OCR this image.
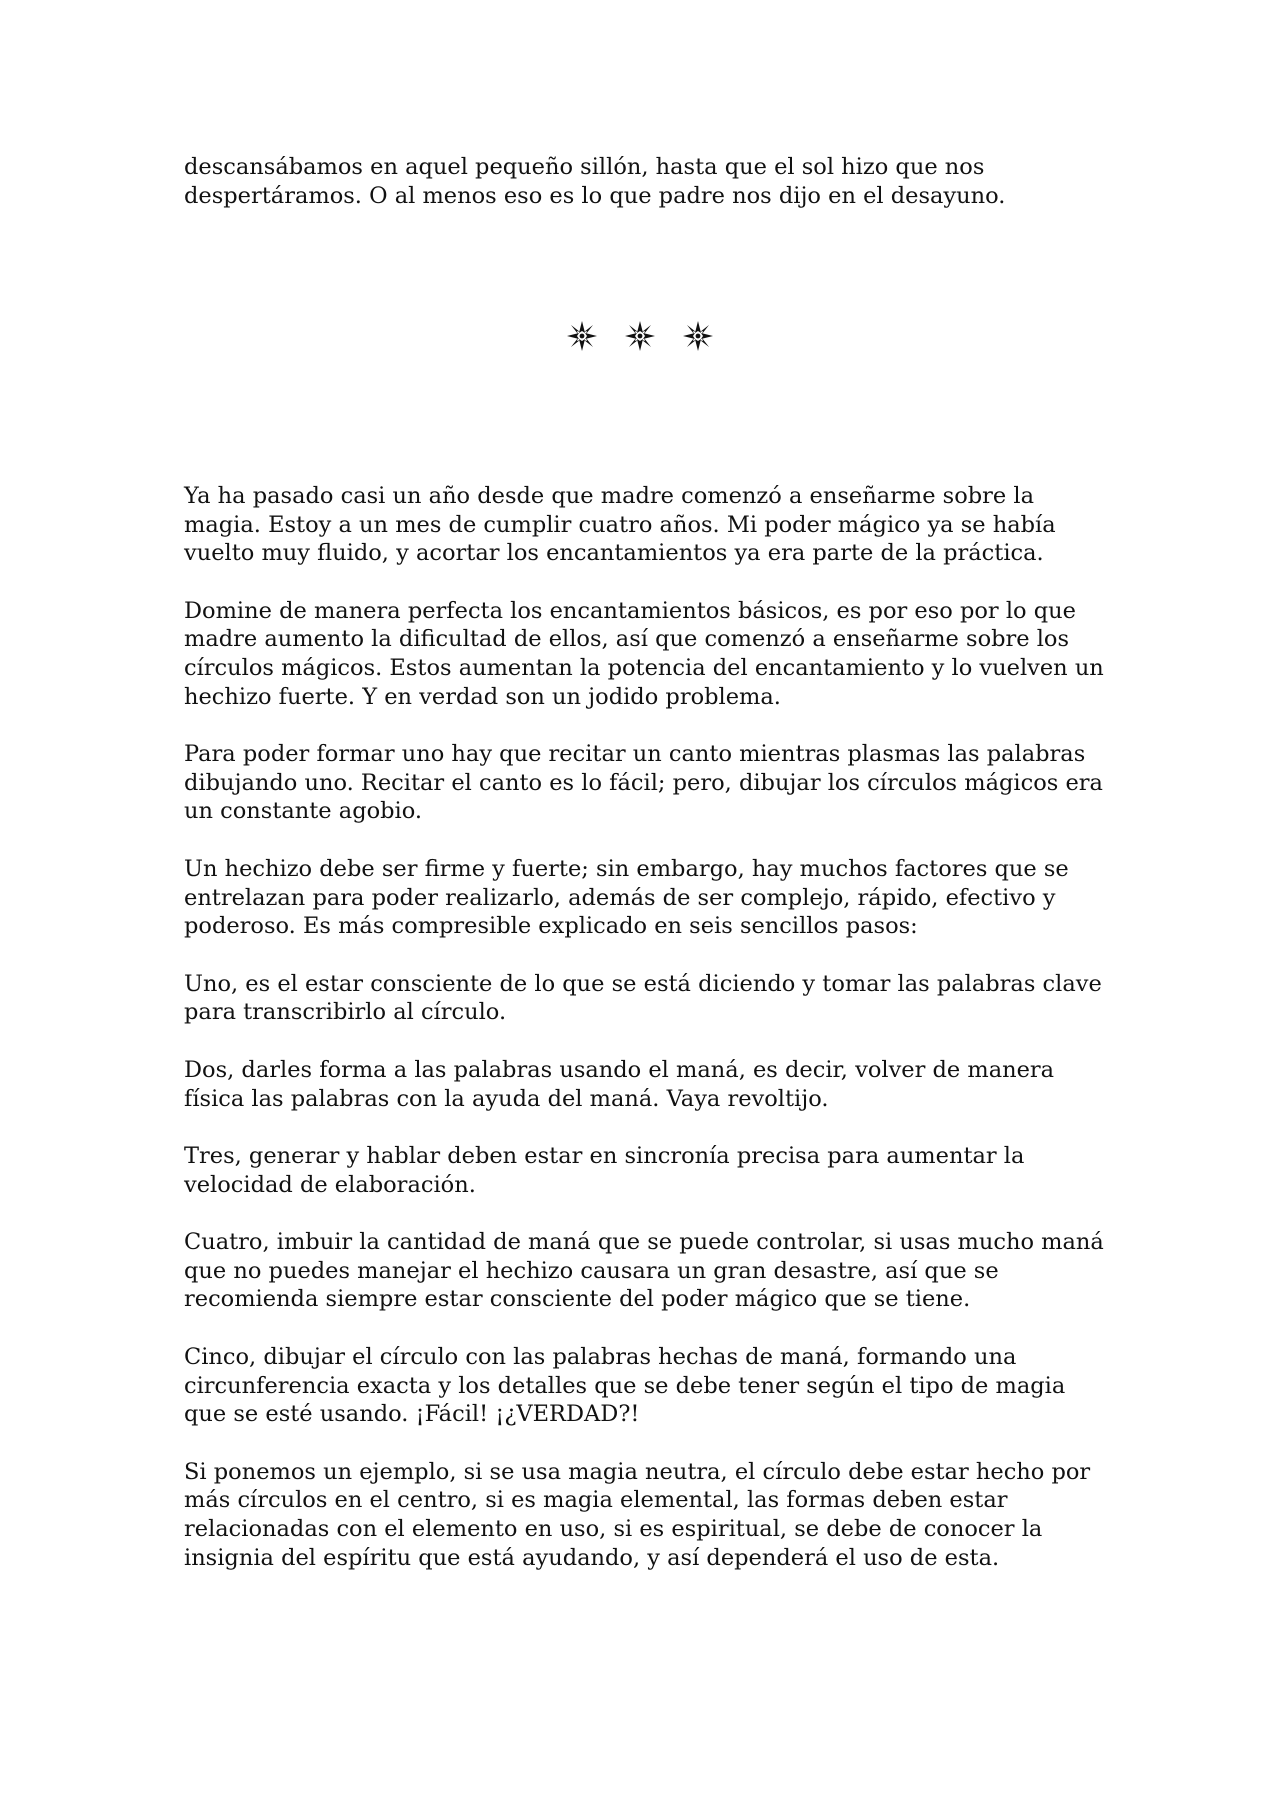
descansábamos en aquel pequeño sillón, hasta que el sol hizo que nos despertáramos. O al menos eso es lo que padre nos dijo en el desayuno.

Ya ha pasado casi un año desde que madre comenzó a enseñarme sobre la magia. Estoy a un mes de cumplir cuatro años. Mi poder mágico ya se había vuelto muy fluido, y acortar los encantamientos ya era parte de la práctica.

Domine de manera perfecta los encantamientos básicos, es por eso por lo que madre aumento la dificultad de ellos, así que comenzó a enseñarme sobre los círculos mágicos. Estos aumentan la potencia del encantamiento y lo vuelven un hechizo fuerte. Y en verdad son un jodido problema.

Para poder formar uno hay que recitar un canto mientras plasmas las palabras dibujando uno. Recitar el canto es lo fácil; pero, dibujar los círculos mágicos era un constante agobio.

Un hechizo debe ser firme y fuerte; sin embargo, hay muchos factores que se entrelazan para poder realizarlo, además de ser complejo, rápido, efectivo y poderoso. Es más compresible explicado en seis sencillos pasos:

Uno, es el estar consciente de lo que se está diciendo y tomar las palabras clave para transcribirlo al círculo.

Dos, darles forma a las palabras usando el maná, es decir, volver de manera física las palabras con la ayuda del maná. Vaya revoltijo.

Tres, generar y hablar deben estar en sincronía precisa para aumentar la velocidad de elaboración.

Cuatro, imbuir la cantidad de maná que se puede controlar, si usas mucho maná que no puedes manejar el hechizo causara un gran desastre, así que se recomienda siempre estar consciente del poder mágico que se tiene.

Cinco, dibujar el círculo con las palabras hechas de maná, formando una circunferencia exacta y los detalles que se debe tener según el tipo de magia que se esté usando. ¡Fácil! ¡¿VERDAD?!

Si ponemos un ejemplo, si se usa magia neutra, el círculo debe estar hecho por más círculos en el centro, si es magia elemental, las formas deben estar relacionadas con el elemento en uso, si es espiritual, se debe de conocer la insignia del espíritu que está ayudando, y así dependerá el uso de esta.
